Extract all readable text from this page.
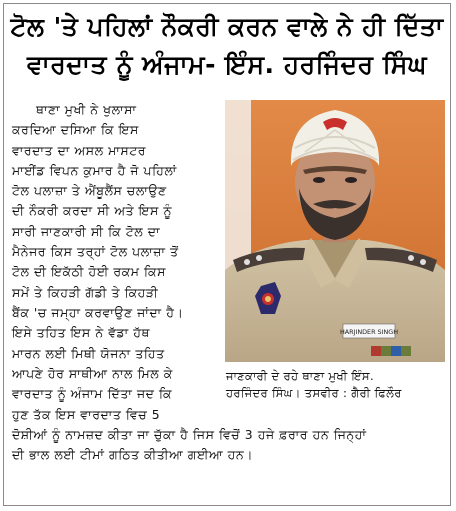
ਟੋਲ 'ਤੇ ਪਹਿਲਾਂ ਨੌਕਰੀ ਕਰਨ ਵਾਲੇ ਨੇ ਹੀ ਦਿੱਤਾ
ਵਾਰਦਾਤ ਨੂੰ ਅੰਜਾਮ- ਇੰਸ. ਹਰਜਿੰਦਰ ਸਿੰਘ
ਥਾਣਾ ਮੁਖੀ ਨੇ ਖੁਲਾਸਾ
ਕਰਦਿਆ ਦਸਿਆ ਕਿ ਇਸ
ਵਾਰਦਾਤ ਦਾ ਅਸਲ ਮਾਸਟਰ
ਮਾਈਂਡ ਵਿਪਨ ਕੁਮਾਰ ਹੈ ਜੋ ਪਹਿਲਾਂ
ਟੋਲ ਪਲਾਜ਼ਾ ਤੇ ਐਂਬੂਲੈਂਸ ਚਲਾਉਣ
ਦੀ ਨੌਕਰੀ ਕਰਦਾ ਸੀ ਅਤੇ ਇਸ ਨੂੰ
ਸਾਰੀ ਜਾਣਕਾਰੀ ਸੀ ਕਿ ਟੋਲ ਦਾ
ਮੈਨੇਜਰ ਕਿਸ ਤਰ੍ਹਾਂ ਟੋਲ ਪਲਾਜ਼ਾ ਤੋਂ
ਟੋਲ ਦੀ ਇਕੱਠੀ ਹੋਈ ਰਕਮ ਕਿਸ
ਸਮੇਂ ਤੇ ਕਿਹੜੀ ਗੱਡੀ ਤੇ ਕਿਹੜੀ
ਬੈਂਕ 'ਚ ਜਮ੍ਹਾ ਕਰਵਾਉਣ ਜਾਂਦਾ ਹੈ।
ਇਸੇ ਤਹਿਤ ਇਸ ਨੇ ਵੱਡਾ ਹੱਥ
ਮਾਰਨ ਲਈ ਮਿਥੀ ਯੋਜਨਾ ਤਹਿਤ
ਆਪਣੇ ਹੋਰ ਸਾਥੀਆ ਨਾਲ ਮਿਲ ਕੇ
ਵਾਰਦਾਤ ਨੂੰ ਅੰਜਾਮ ਦਿੱਤਾ ਜਦ ਕਿ
ਹੁਣ ਤੱਕ ਇਸ ਵਾਰਦਾਤ ਵਿਚ 5
ਦੋਸ਼ੀਆਂ ਨੂੰ ਨਾਮਜ਼ਦ ਕੀਤਾ ਜਾ ਚੁੱਕਾ ਹੈ ਜਿਸ ਵਿਚੋਂ 3 ਹਜੇ ਫ਼ਰਾਰ ਹਨ ਜਿਨ੍ਹਾਂ
ਦੀ ਭਾਲ ਲਈ ਟੀਮਾਂ ਗਠਿਤ ਕੀਤੀਆ ਗਈਆ ਹਨ।
HARJINDER SINGH
ਜਾਣਕਾਰੀ ਦੇ ਰਹੇ ਥਾਣਾ ਮੁਖੀ ਇੰਸ.
ਹਰਜਿੰਦਰ ਸਿੰਘ। ਤਸਵੀਰ : ਗੈਰੀ ਫਿਲੌਰ
